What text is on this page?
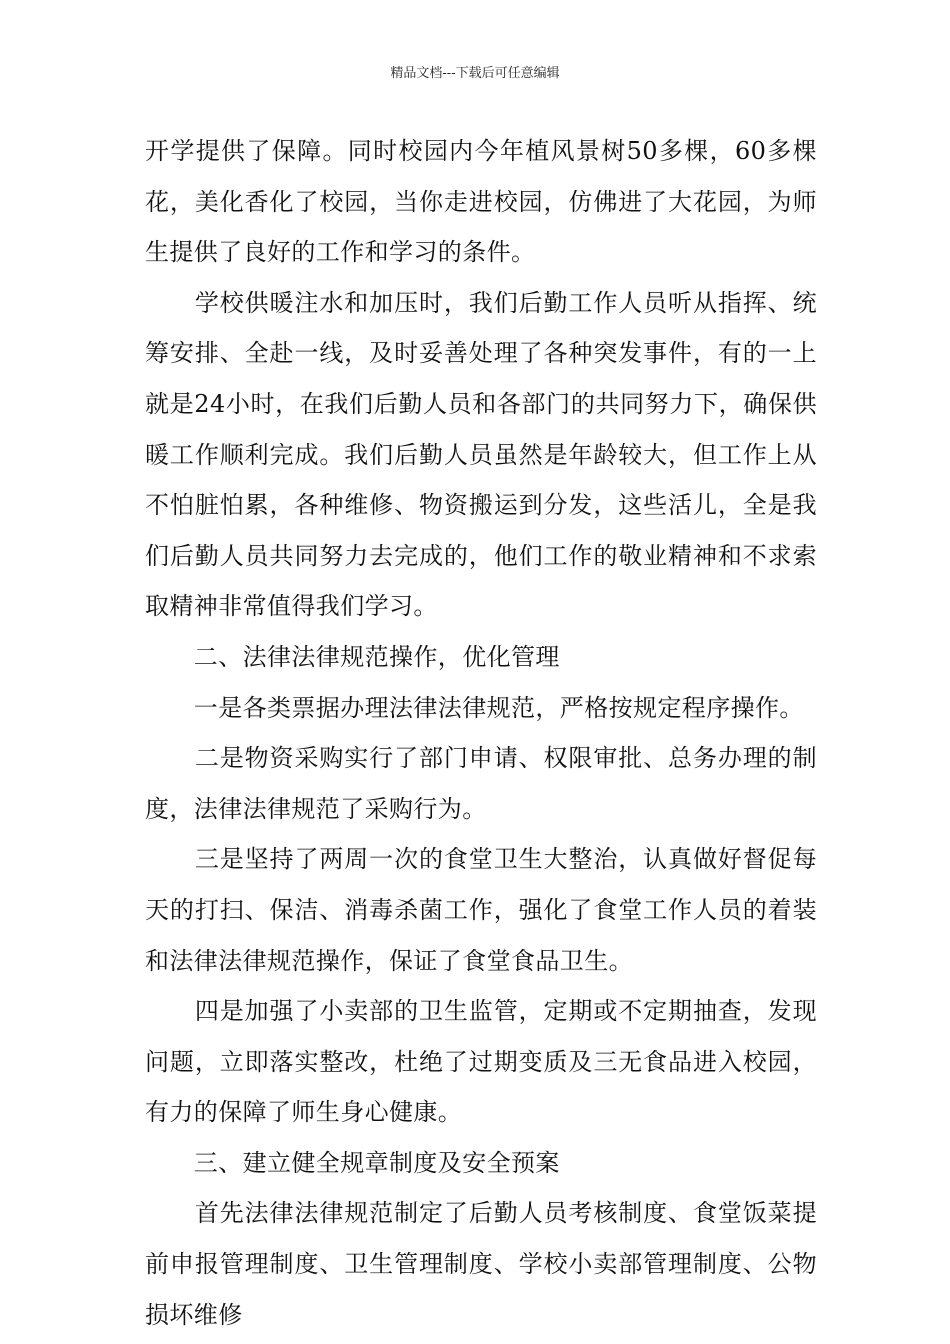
精品文档---下载后可任意编辑

开学提供了保障。同时校园内今年植风景树50多棵，60多棵花，美化香化了校园，当你走进校园，仿佛进了大花园，为师生提供了良好的工作和学习的条件。

　　学校供暖注水和加压时，我们后勤工作人员听从指挥、统筹安排、全赴一线，及时妥善处理了各种突发事件，有的一上就是24小时，在我们后勤人员和各部门的共同努力下，确保供暖工作顺利完成。我们后勤人员虽然是年龄较大，但工作上从不怕脏怕累，各种维修、物资搬运到分发，这些活儿，全是我们后勤人员共同努力去完成的，他们工作的敬业精神和不求索取精神非常值得我们学习。

　　二、法律法律规范操作，优化管理

　　一是各类票据办理法律法律规范，严格按规定程序操作。

　　二是物资采购实行了部门申请、权限审批、总务办理的制度，法律法律规范了采购行为。

　　三是坚持了两周一次的食堂卫生大整治，认真做好督促每天的打扫、保洁、消毒杀菌工作，强化了食堂工作人员的着装和法律法律规范操作，保证了食堂食品卫生。

　　四是加强了小卖部的卫生监管，定期或不定期抽查，发现问题，立即落实整改，杜绝了过期变质及三无食品进入校园，有力的保障了师生身心健康。

　　三、建立健全规章制度及安全预案

　　首先法律法律规范制定了后勤人员考核制度、食堂饭菜提前申报管理制度、卫生管理制度、学校小卖部管理制度、公物损坏维修
